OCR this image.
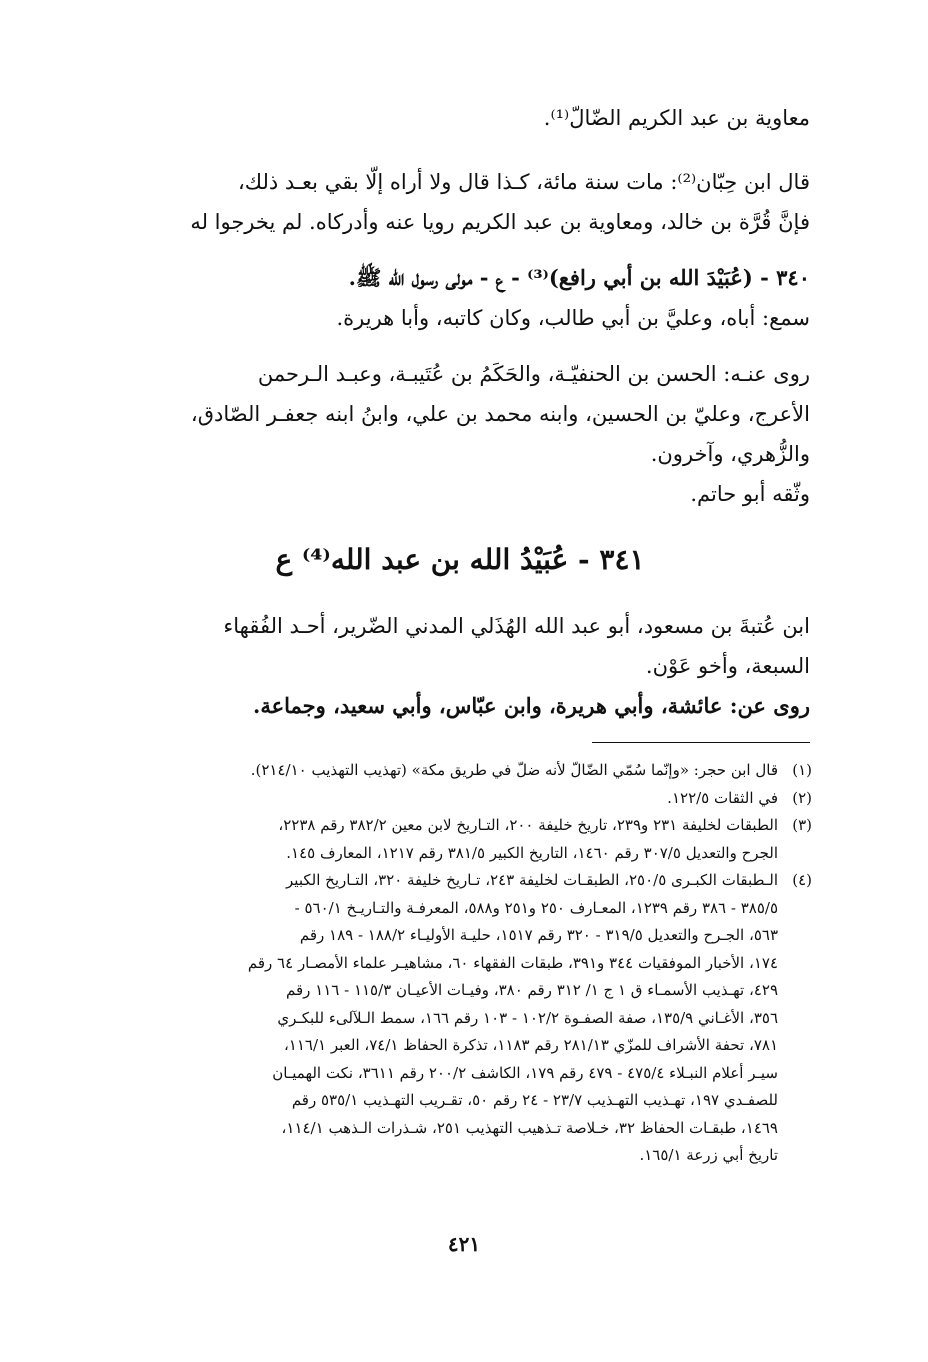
معاوية بن عبد الكريم الضّالّ⁽¹⁾.
قال ابن حِبّان⁽²⁾: مات سنة مائة، كـذا قال ولا أراه إلّا بقي بعـد ذلك،
فإنَّ قُرَّة بن خالد، ومعاوية بن عبد الكريم رويا عنه وأدركاه. لم يخرجوا له
٣٤٠ - (عُبَيْدَ الله بن أبي رافع)⁽³⁾ - ع - مولى رسول الله ﷺ.
سمع: أباه، وعليَّ بن أبي طالب، وكان كاتبه، وأبا هريرة.
روى عنـه: الحسن بن الحنفيّـة، والحَكَمُ بن عُتَيبـة، وعبـد الـرحمن
الأعرج، وعليّ بن الحسين، وابنه محمد بن علي، وابنُ ابنه جعفـر الصّادق،
والزُّهري، وآخرون.
وثّقه أبو حاتم.
٣٤١ - عُبَيْدُ الله بن عبد الله⁽⁴⁾ ع
ابن عُتبةَ بن مسعود، أبو عبد الله الهُذَلي المدني الضّرير، أحـد الفُقهاء
السبعة، وأخو عَوْن.
روى عن: عائشة، وأبي هريرة، وابن عبّاس، وأبي سعيد، وجماعة.
(١)
قال ابن حجر: «وإنّما سُمّي الضّالّ لأنه ضلّ في طريق مكة» (تهذيب التهذيب ٢١٤/١٠).
(٢)
في الثقات ١٢٢/٥.
(٣)
الطبقات لخليفة ٢٣١ و٢٣٩، تاريخ خليفة ٢٠٠، التـاريخ لابن معين ٣٨٢/٢ رقم ٢٢٣٨،
الجرح والتعديل ٣٠٧/٥ رقم ١٤٦٠، التاريخ الكبير ٣٨١/٥ رقم ١٢١٧، المعارف ١٤٥.
(٤)
الـطبقات الكبـرى ٢٥٠/٥، الطبقـات لخليفة ٢٤٣، تـاريخ خليفة ٣٢٠، التـاريخ الكبير
٣٨٥/٥ - ٣٨٦ رقم ١٢٣٩، المعـارف ٢٥٠ و٢٥١ و٥٨٨، المعرفـة والتـاريـخ ٥٦٠/١ -
٥٦٣، الجـرح والتعديل ٣١٩/٥ - ٣٢٠ رقم ١٥١٧، حليـة الأوليـاء ١٨٨/٢ - ١٨٩ رقم
١٧٤، الأخبار الموفقيات ٣٤٤ و٣٩١، طبقات الفقهاء ٦٠، مشاهيـر علماء الأمصـار ٦٤ رقم
٤٢٩، تهـذيب الأسمـاء ق ١ ج ١/ ٣١٢ رقم ٣٨٠، وفيـات الأعيـان ١١٥/٣ - ١١٦ رقم
٣٥٦، الأغـاني ١٣٥/٩، صفة الصفـوة ١٠٢/٢ - ١٠٣ رقم ١٦٦، سمط الـلآلىء للبكـري
٧٨١، تحفة الأشراف للمزّي ٢٨١/١٣ رقم ١١٨٣، تذكرة الحفاظ ٧٤/١، العبر ١١٦/١،
سيـر أعلام النبـلاء ٤٧٥/٤ - ٤٧٩ رقم ١٧٩، الكاشف ٢٠٠/٢ رقم ٣٦١١، نكت الهميـان
للصفـدي ١٩٧، تهـذيب التهـذيب ٢٣/٧ - ٢٤ رقم ٥٠، تقـريب التهـذيب ٥٣٥/١ رقم
١٤٦٩، طبقـات الحفاظ ٣٢، خـلاصة تـذهيب التهذيب ٢٥١، شـذرات الـذهب ١١٤/١،
تاريخ أبي زرعة ١٦٥/١.
٤٢١
